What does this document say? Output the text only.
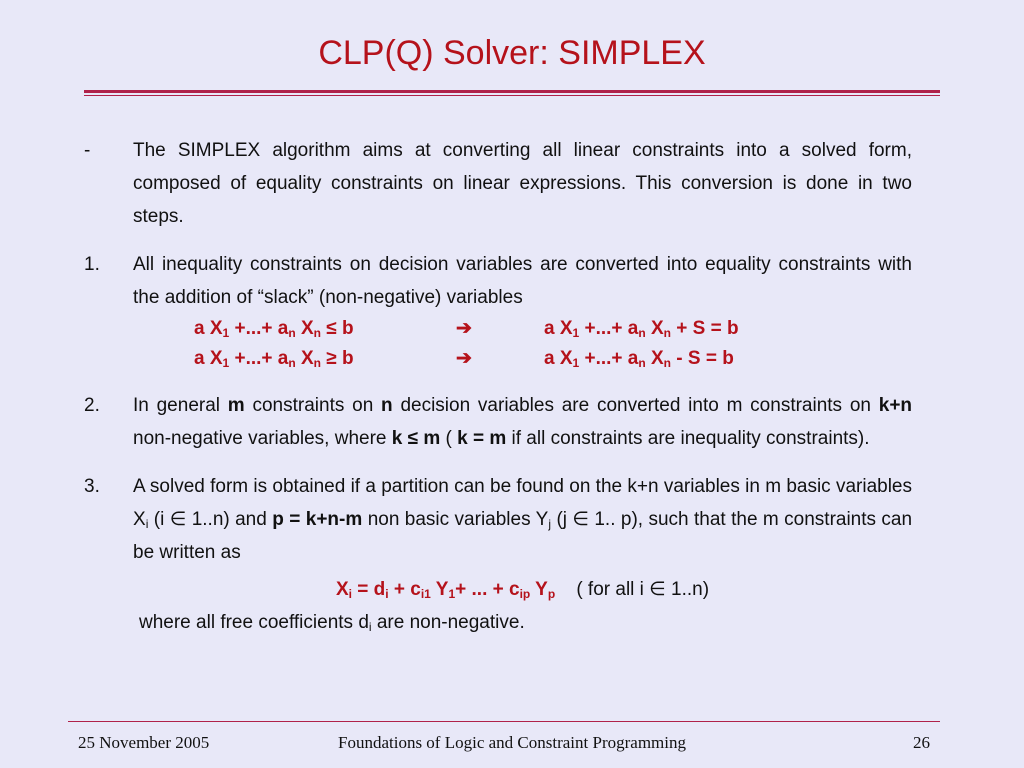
CLP(Q) Solver: SIMPLEX
-	The SIMPLEX algorithm aims at converting all linear constraints into a solved form, composed of equality constraints on linear expressions. This conversion is done in two steps.
1.	All inequality constraints on decision variables are converted into equality constraints with the addition of “slack” (non-negative) variables
a $X_1$ +...+ $a_n$ $X_n \le b$	➔	a $X_1$ +...+ $a_n$ $X_n + S = b$
a $X_1$ +...+ $a_n$ $X_n \ge b$	➔	a $X_1$ +...+ $a_n$ $X_n - S = b$
2.	In general m constraints on n decision variables are converted into m constraints on k+n non-negative variables, where k ≤ m ( k = m if all constraints are inequality constraints).
3.	A solved form is obtained if a partition can be found on the k+n variables in m basic variables $X_i$ (i ∈ 1..n) and p = k+n-m non basic variables $Y_j$ (j ∈ 1.. p), such that the m constraints can be written as
$X_i = d_i + c_{i1}$ $Y_1+$ ... + $c_{ip}$ $Y_p$ ( for all i ∈ 1..n)
where all free coefficients $d_i$ are non-negative.
25 November 2005	Foundations of Logic and Constraint Programming	26
